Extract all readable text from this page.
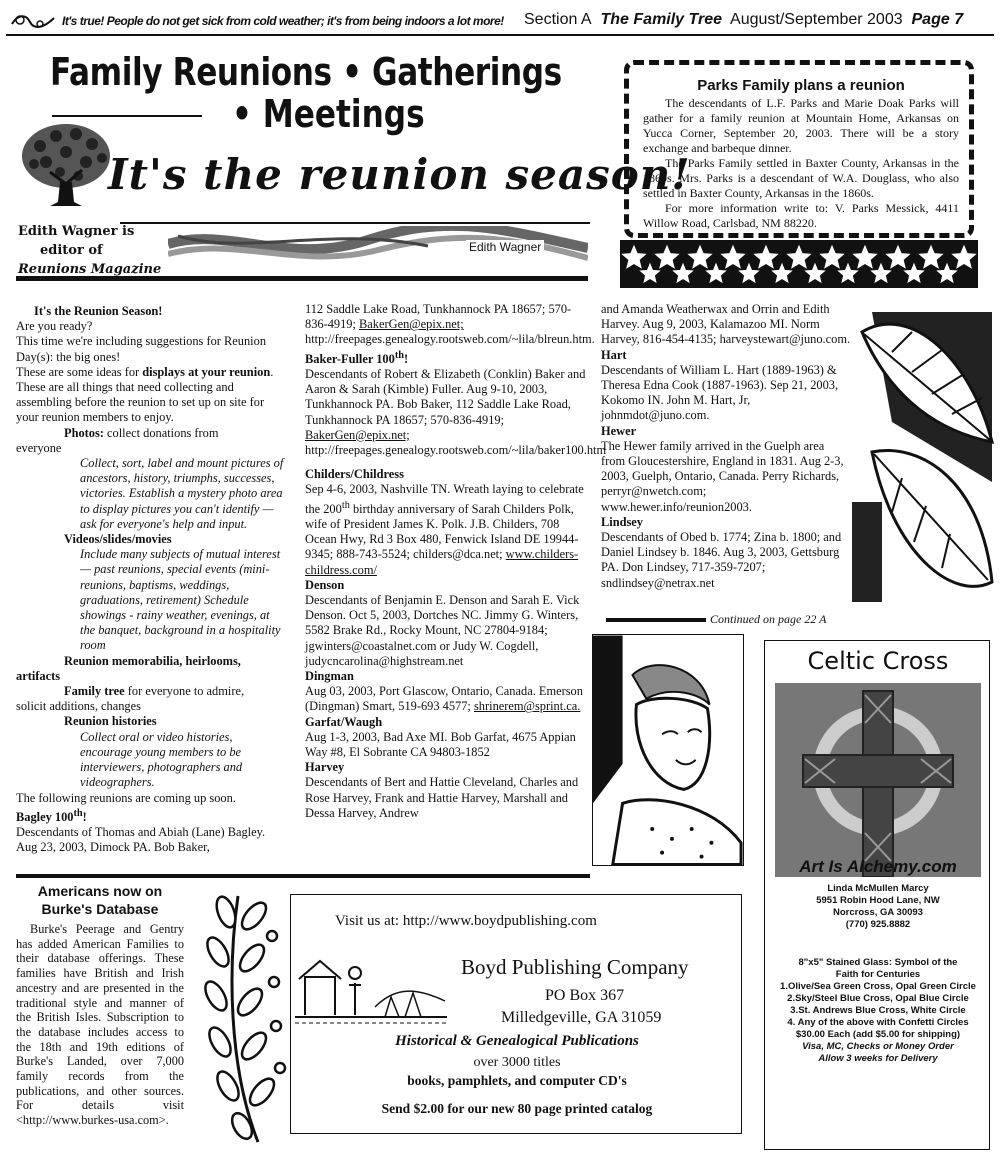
It's true! People do not get sick from cold weather; it's from being indoors a lot more! Section A The Family Tree August/September 2003 Page 7
Family Reunions • Gatherings
• Meetings
It's the reunion season!
Edith Wagner is
editor of
Reunions Magazine
Edith Wagner
Parks Family plans a reunion

The descendants of L.F. Parks and Marie Doak Parks will gather for a family reunion at Mountain Home, Arkansas on Yucca Corner, September 20, 2003. There will be a story exchange and barbeque dinner.

The Parks Family settled in Baxter County, Arkansas in the 1860s. Mrs. Parks is a descendant of W.A. Douglass, who also settled in Baxter County, Arkansas in the 1860s.

For more information write to: V. Parks Messick, 4411 Willow Road, Carlsbad, NM 88220.

It's the Reunion Season!
Are you ready?
This time we're including suggestions for Reunion Day(s): the big ones!
These are some ideas for displays at your reunion. These are all things that need collecting and assembling before the reunion to set up on site for your reunion members to enjoy.
Photos: collect donations from
everyone
Collect, sort, label and mount pictures of ancestors, history, triumphs, successes, victories. Establish a mystery photo area to display pictures you can't identify — ask for everyone's help and input.
Videos/slides/movies
Include many subjects of mutual interest — past reunions, special events (mini-reunions, baptisms, weddings, graduations, retirement) Schedule showings - rainy weather, evenings, at the banquet, background in a hospitality room
Reunion memorabilia, heirlooms,
artifacts
Family tree for everyone to admire,
solicit additions, changes
Reunion histories
Collect oral or video histories, encourage young members to be interviewers, photographers and videographers.
The following reunions are coming up soon.
Bagley 100th!
Descendants of Thomas and Abiah (Lane) Bagley. Aug 23, 2003, Dimock PA. Bob Baker,
112 Saddle Lake Road, Tunkhannock PA 18657; 570-836-4919; BakerGen@epix.net;
http://freepages.genealogy.rootsweb.com/~lila/blreun.htm.
Baker-Fuller 100th!
Descendants of Robert & Elizabeth (Conklin) Baker and Aaron & Sarah (Kimble) Fuller. Aug 9-10, 2003, Tunkhannock PA. Bob Baker, 112 Saddle Lake Road, Tunkhannock PA 18657; 570-836-4919; BakerGen@epix.net;
http://freepages.genealogy.rootsweb.com/~lila/baker100.htm
Childers/Childress
Sep 4-6, 2003, Nashville TN. Wreath laying to celebrate the 200th birthday anniversary of Sarah Childers Polk, wife of President James K. Polk. J.B. Childers, 708 Ocean Hwy, Rd 3 Box 480, Fenwick Island DE 19944-9345; 888-743-5524; childers@dca.net; www.childers-childress.com/
Denson
Descendants of Benjamin E. Denson and Sarah E. Vick Denson. Oct 5, 2003, Dortches NC. Jimmy G. Winters, 5582 Brake Rd., Rocky Mount, NC 27804-9184; jgwinters@coastalnet.com or Judy W. Cogdell, judycncarolina@highstream.net
Dingman
Aug 03, 2003, Port Glascow, Ontario, Canada. Emerson (Dingman) Smart, 519-693 4577; shrinerem@sprint.ca.
Garfat/Waugh
Aug 1-3, 2003, Bad Axe MI. Bob Garfat, 4675 Appian Way #8, El Sobrante CA 94803-1852
Harvey
Descendants of Bert and Hattie Cleveland, Charles and Rose Harvey, Frank and Hattie Harvey, Marshall and Dessa Harvey, Andrew
and Amanda Weatherwax and Orrin and Edith Harvey. Aug 9, 2003, Kalamazoo MI. Norm Harvey, 816-454-4135; harveystewart@juno.com.
Hart
Descendants of William L. Hart (1889-1963) & Theresa Edna Cook (1887-1963). Sep 21, 2003, Kokomo IN. John M. Hart, Jr, johnmdot@juno.com.
Hewer
The Hewer family arrived in the Guelph area from Gloucestershire, England in 1831. Aug 2-3, 2003, Guelph, Ontario, Canada. Perry Richards, perryr@nwetch.com; www.hewer.info/reunion2003.
Lindsey
Descendants of Obed b. 1774; Zina b. 1800; and Daniel Lindsey b. 1846. Aug 3, 2003, Gettsburg PA. Don Lindsey, 717-359-7207; sndlindsey@netrax.net
Continued on page 22 A
Celtic Cross
Art Is Alchemy.com
Linda McMullen Marcy
5951 Robin Hood Lane, NW
Norcross, GA 30093
(770) 925.8882
8"x5" Stained Glass: Symbol of the
Faith for Centuries
1.Olive/Sea Green Cross, Opal Green Circle
2.Sky/Steel Blue Cross, Opal Blue Circle
3.St. Andrews Blue Cross, White Circle
4. Any of the above with Confetti Circles
$30.00 Each (add $5.00 for shipping)
Visa, MC, Checks or Money Order
Allow 3 weeks for Delivery
Americans now on Burke's Database

Burke's Peerage and Gentry has added American Families to their database offerings. These families have British and Irish ancestry and are presented in the traditional style and manner of the British Isles. Subscription to the database includes access to the 18th and 19th editions of Burke's Landed, over 7,000 family records from the publications, and other sources. For details visit <http://www.burkes-usa.com>.

Visit us at: http://www.boydpublishing.com
Boyd Publishing Company
PO Box 367
Milledgeville, GA 31059
Historical & Genealogical Publications
over 3000 titles
books, pamphlets, and computer CD's
Send $2.00 for our new 80 page printed catalog
